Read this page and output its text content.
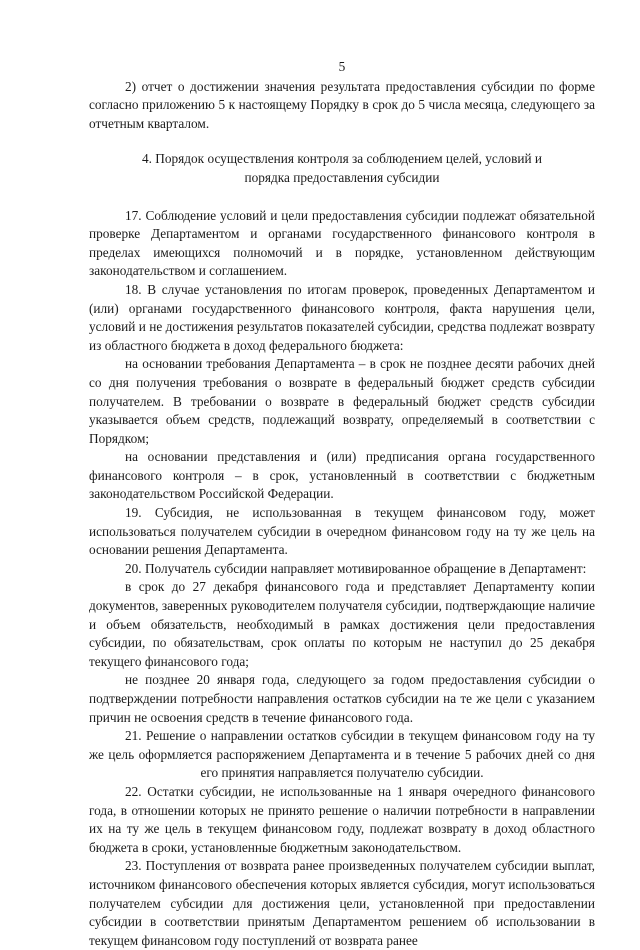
5

2) отчет о достижении значения результата предоставления субсидии по форме согласно приложению 5 к настоящему Порядку в срок до 5 числа месяца, следующего за отчетным кварталом.

4. Порядок осуществления контроля за соблюдением целей, условий и порядка предоставления субсидии

17. Соблюдение условий и цели предоставления субсидии подлежат обязательной проверке Департаментом и органами государственного финансового контроля в пределах имеющихся полномочий и в порядке, установленном действующим законодательством и соглашением.

18. В случае установления по итогам проверок, проведенных Департаментом и (или) органами государственного финансового контроля, факта нарушения цели, условий и не достижения результатов показателей субсидии, средства подлежат возврату из областного бюджета в доход федерального бюджета:

на основании требования Департамента – в срок не позднее десяти рабочих дней со дня получения требования о возврате в федеральный бюджет средств субсидии получателем. В требовании о возврате в федеральный бюджет средств субсидии указывается объем средств, подлежащий возврату, определяемый в соответствии с Порядком;

на основании представления и (или) предписания органа государственного финансового контроля – в срок, установленный в соответствии с бюджетным законодательством Российской Федерации.

19. Субсидия, не использованная в текущем финансовом году, может использоваться получателем субсидии в очередном финансовом году на ту же цель на основании решения Департамента.

20. Получатель субсидии направляет мотивированное обращение в Департамент:

в срок до 27 декабря финансового года и представляет Департаменту копии документов, заверенных руководителем получателя субсидии, подтверждающие наличие и объем обязательств, необходимый в рамках достижения цели предоставления субсидии, по обязательствам, срок оплаты по которым не наступил до 25 декабря текущего финансового года;

не позднее 20 января года, следующего за годом предоставления субсидии о подтверждении потребности направления остатков субсидии на те же цели с указанием причин не освоения средств в течение финансового года.

21. Решение о направлении остатков субсидии в текущем финансовом году на ту же цель оформляется распоряжением Департамента и в течение 5 рабочих дней со дня его принятия направляется получателю субсидии.

22. Остатки субсидии, не использованные на 1 января очередного финансового года, в отношении которых не принято решение о наличии потребности в направлении их на ту же цель в текущем финансовом году, подлежат возврату в доход областного бюджета в сроки, установленные бюджетным законодательством.

23. Поступления от возврата ранее произведенных получателем субсидии выплат, источником финансового обеспечения которых является субсидия, могут использоваться получателем субсидии для достижения цели, установленной при предоставлении субсидии в соответствии принятым Департаментом решением об использовании в текущем финансовом году поступлений от возврата ранее
